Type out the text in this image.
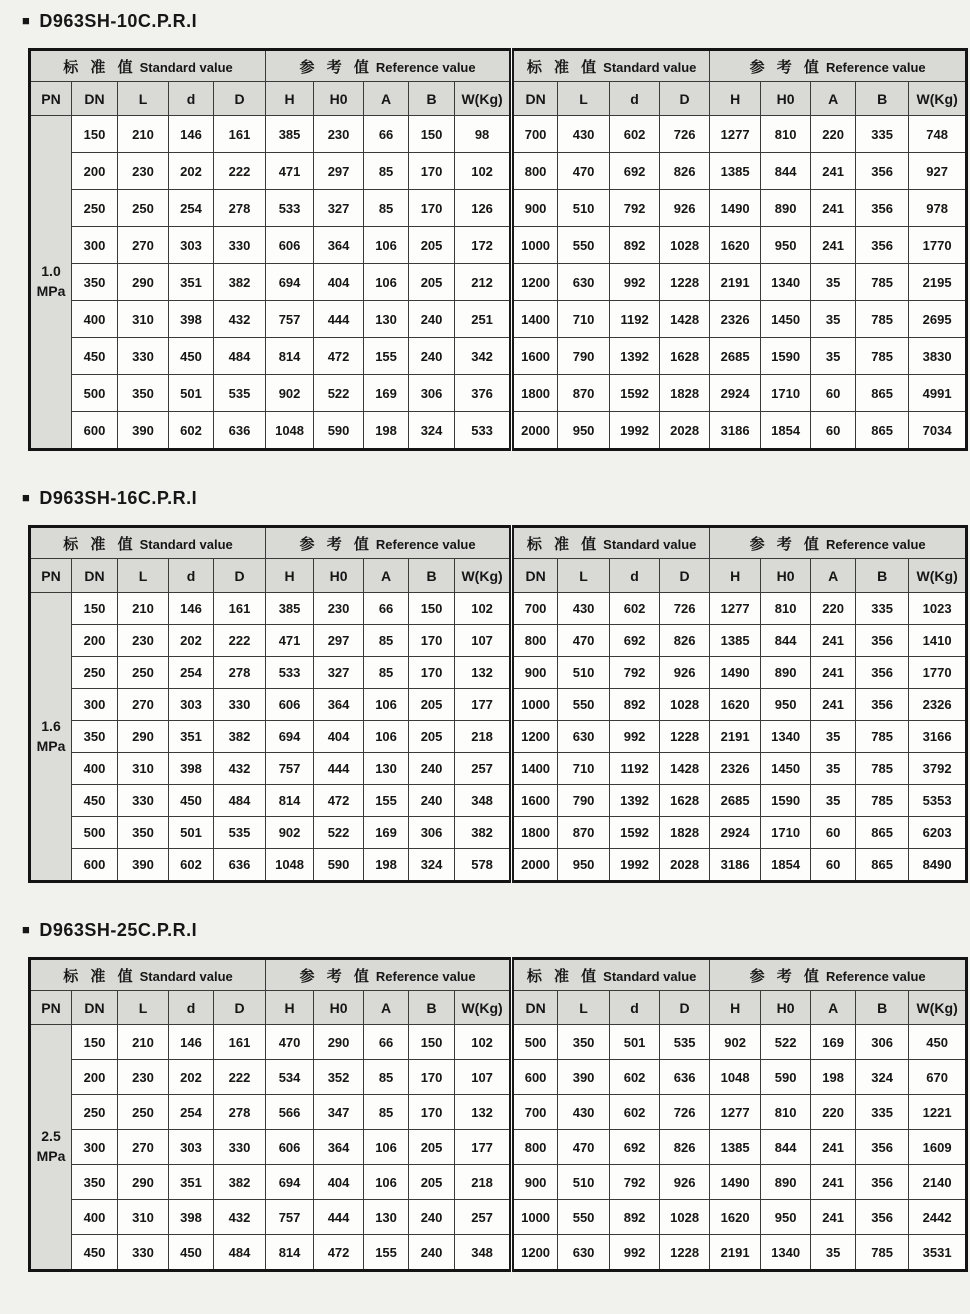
■ D963SH-10C.P.R.I
标 准 值 Standard value					参 考 值 Reference value					标 准 值 Standard value				参 考 值 Reference value				
PN	DN	L	d	D	H	H0	A	B	W(Kg)	DN	L	d	D	H	H0	A	B	W(Kg)

1.0
MPa	150	210	146	161	385	230	66	150	98	700	430	602	726	1277	810	220	335	748
	200	230	202	222	471	297	85	170	102	800	470	692	826	1385	844	241	356	927
	250	250	254	278	533	327	85	170	126	900	510	792	926	1490	890	241	356	978
	300	270	303	330	606	364	106	205	172	1000	550	892	1028	1620	950	241	356	1770
	350	290	351	382	694	404	106	205	212	1200	630	992	1228	2191	1340	35	785	2195
	400	310	398	432	757	444	130	240	251	1400	710	1192	1428	2326	1450	35	785	2695
	450	330	450	484	814	472	155	240	342	1600	790	1392	1628	2685	1590	35	785	3830
	500	350	501	535	902	522	169	306	376	1800	870	1592	1828	2924	1710	60	865	4991
	600	390	602	636	1048	590	198	324	533	2000	950	1992	2028	3186	1854	60	865	7034
■ D963SH-16C.P.R.I
标 准 值 Standard value					参 考 值 Reference value					标 准 值 Standard value				参 考 值 Reference value				
PN	DN	L	d	D	H	H0	A	B	W(Kg)	DN	L	d	D	H	H0	A	B	W(Kg)

1.6
MPa	150	210	146	161	385	230	66	150	102	700	430	602	726	1277	810	220	335	1023
	200	230	202	222	471	297	85	170	107	800	470	692	826	1385	844	241	356	1410
	250	250	254	278	533	327	85	170	132	900	510	792	926	1490	890	241	356	1770
	300	270	303	330	606	364	106	205	177	1000	550	892	1028	1620	950	241	356	2326
	350	290	351	382	694	404	106	205	218	1200	630	992	1228	2191	1340	35	785	3166
	400	310	398	432	757	444	130	240	257	1400	710	1192	1428	2326	1450	35	785	3792
	450	330	450	484	814	472	155	240	348	1600	790	1392	1628	2685	1590	35	785	5353
	500	350	501	535	902	522	169	306	382	1800	870	1592	1828	2924	1710	60	865	6203
	600	390	602	636	1048	590	198	324	578	2000	950	1992	2028	3186	1854	60	865	8490
■ D963SH-25C.P.R.I
标 准 值 Standard value					参 考 值 Reference value					标 准 值 Standard value				参 考 值 Reference value				
PN	DN	L	d	D	H	H0	A	B	W(Kg)	DN	L	d	D	H	H0	A	B	W(Kg)

2.5
MPa	150	210	146	161	470	290	66	150	102	500	350	501	535	902	522	169	306	450
	200	230	202	222	534	352	85	170	107	600	390	602	636	1048	590	198	324	670
	250	250	254	278	566	347	85	170	132	700	430	602	726	1277	810	220	335	1221
	300	270	303	330	606	364	106	205	177	800	470	692	826	1385	844	241	356	1609
	350	290	351	382	694	404	106	205	218	900	510	792	926	1490	890	241	356	2140
	400	310	398	432	757	444	130	240	257	1000	550	892	1028	1620	950	241	356	2442
	450	330	450	484	814	472	155	240	348	1200	630	992	1228	2191	1340	35	785	3531
